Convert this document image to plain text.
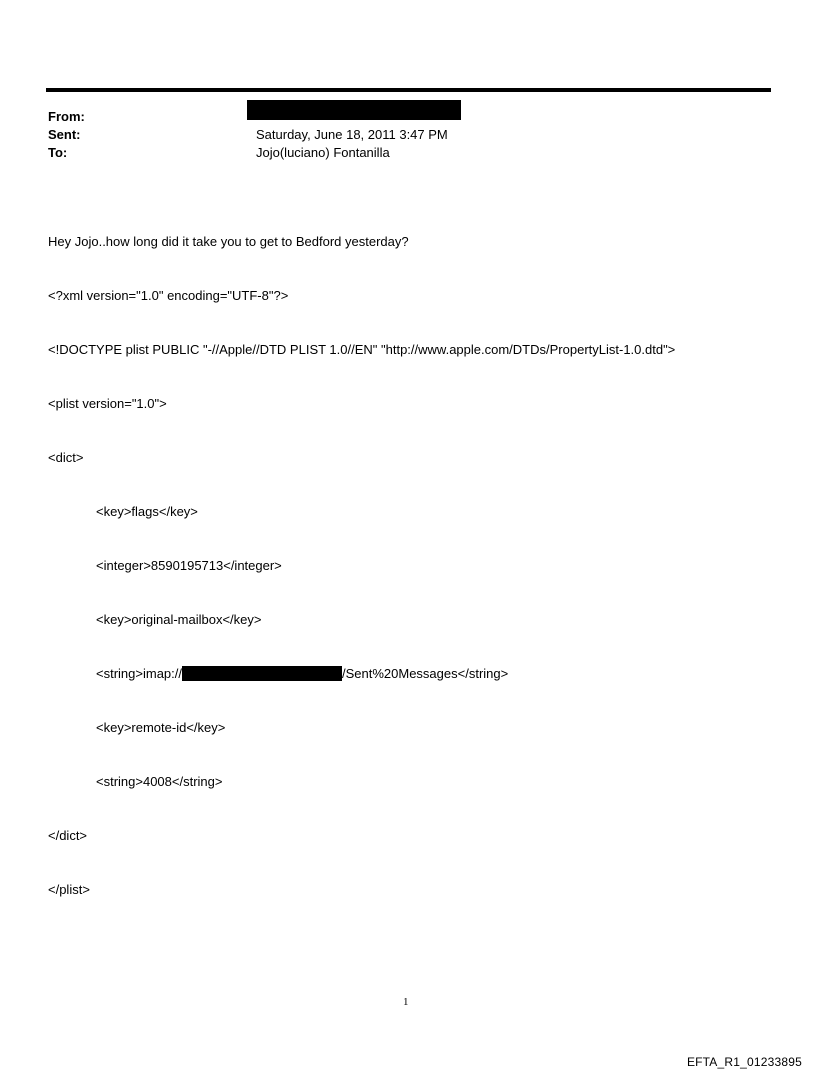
From:
Sent:	Saturday, June 18, 2011 3:47 PM
To:	Jojo(luciano) Fontanilla

Hey Jojo..how long did it take you to get to Bedford yesterday?

<?xml version="1.0" encoding="UTF-8"?>

<!DOCTYPE plist PUBLIC "-//Apple//DTD PLIST 1.0//EN" "http://www.apple.com/DTDs/PropertyList-1.0.dtd">

<plist version="1.0">

<dict>

<key>flags</key>

<integer>8590195713</integer>

<key>original-mailbox</key>

<string>imap://	/Sent%20Messages</string>

<key>remote-id</key>

<string>4008</string>

</dict>

</plist>

1
EFTA_R1_01233895
